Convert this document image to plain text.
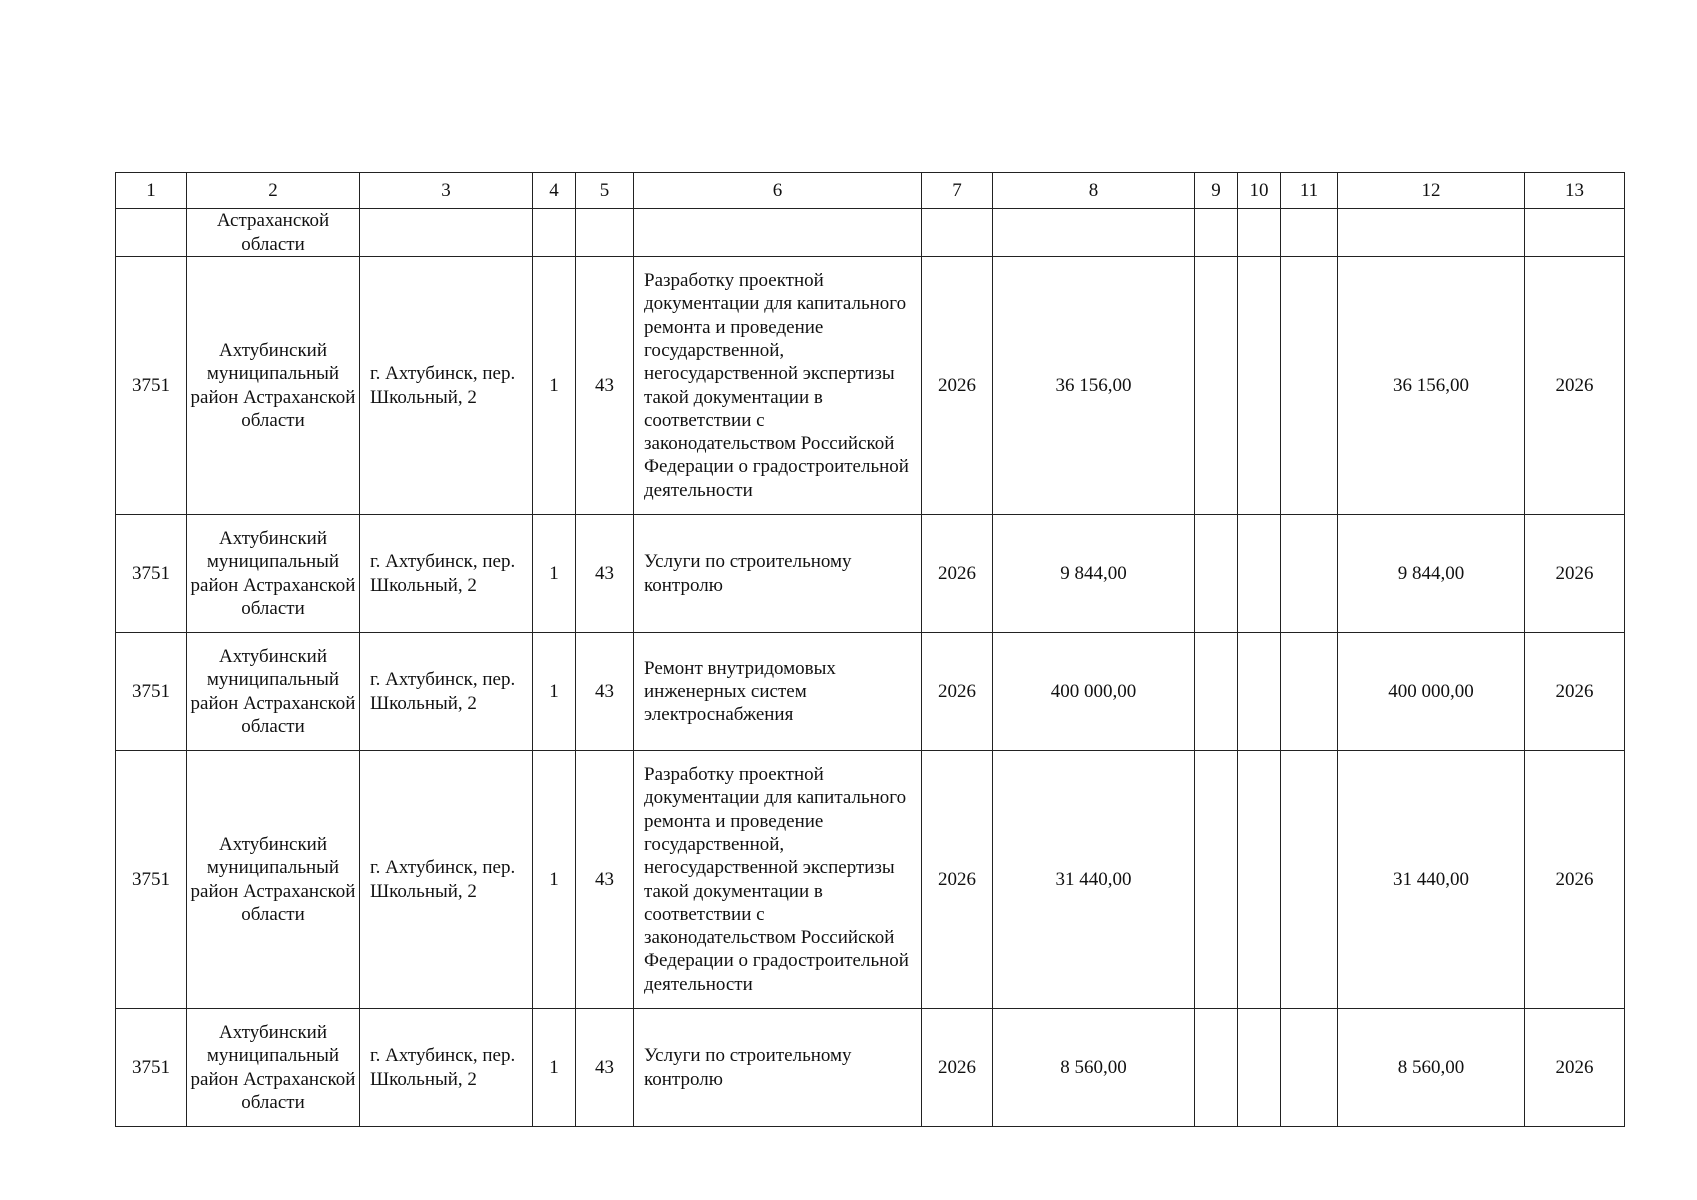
1	2	3	4	5	6	7	8	9	10	11	12	13
	Астраханской области											
3751	Ахтубинский муниципальный район Астраханской области	г. Ахтубинск, пер. Школьный, 2	1	43	Разработку проектной документации для капитального ремонта и проведение государственной, негосударственной экспертизы такой документации в соответствии с законодательством Российской Федерации о градостроительной деятельности	2026	36 156,00				36 156,00	2026
3751	Ахтубинский муниципальный район Астраханской области	г. Ахтубинск, пер. Школьный, 2	1	43	Услуги по строительному контролю	2026	9 844,00				9 844,00	2026
3751	Ахтубинский муниципальный район Астраханской области	г. Ахтубинск, пер. Школьный, 2	1	43	Ремонт внутридомовых инженерных систем электроснабжения	2026	400 000,00				400 000,00	2026
3751	Ахтубинский муниципальный район Астраханской области	г. Ахтубинск, пер. Школьный, 2	1	43	Разработку проектной документации для капитального ремонта и проведение государственной, негосударственной экспертизы такой документации в соответствии с законодательством Российской Федерации о градостроительной деятельности	2026	31 440,00				31 440,00	2026
3751	Ахтубинский муниципальный район Астраханской области	г. Ахтубинск, пер. Школьный, 2	1	43	Услуги по строительному контролю	2026	8 560,00				8 560,00	2026
